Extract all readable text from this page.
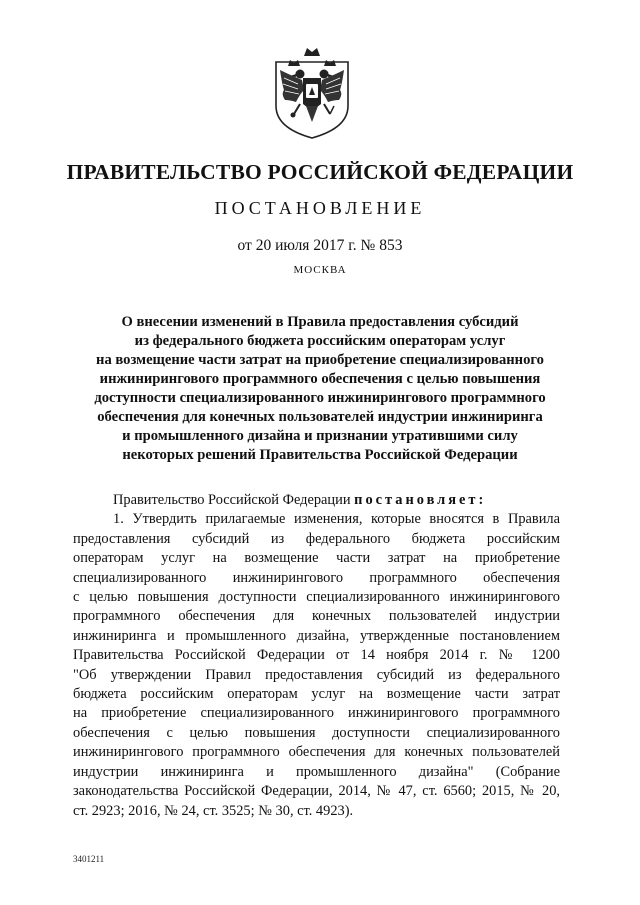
ПРАВИТЕЛЬСТВО РОССИЙСКОЙ ФЕДЕРАЦИИ
ПОСТАНОВЛЕНИЕ
от 20 июля 2017 г. № 853
МОСКВА
О внесении изменений в Правила предоставления субсидий
из федерального бюджета российским операторам услуг
на возмещение части затрат на приобретение специализированного
инжинирингового программного обеспечения с целью повышения
доступности специализированного инжинирингового программного
обеспечения для конечных пользователей индустрии инжиниринга
и промышленного дизайна и признании утратившими силу
некоторых решений Правительства Российской Федерации
Правительство Российской Федерации постановляет:
1. Утвердить прилагаемые изменения, которые вносятся в Правила
предоставления субсидий из федерального бюджета российским
операторам услуг на возмещение части затрат на приобретение
специализированного инжинирингового программного обеспечения
с целью повышения доступности специализированного инжинирингового
программного обеспечения для конечных пользователей индустрии
инжиниринга и промышленного дизайна, утвержденные постановлением
Правительства Российской Федерации от 14 ноября 2014 г. № 1200
"Об утверждении Правил предоставления субсидий из федерального
бюджета российским операторам услуг на возмещение части затрат
на приобретение специализированного инжинирингового программного
обеспечения с целью повышения доступности специализированного
инжинирингового программного обеспечения для конечных пользователей
индустрии инжиниринга и промышленного дизайна" (Собрание
законодательства Российской Федерации, 2014, № 47, ст. 6560; 2015, № 20,
ст. 2923; 2016, № 24, ст. 3525; № 30, ст. 4923).
3401211
